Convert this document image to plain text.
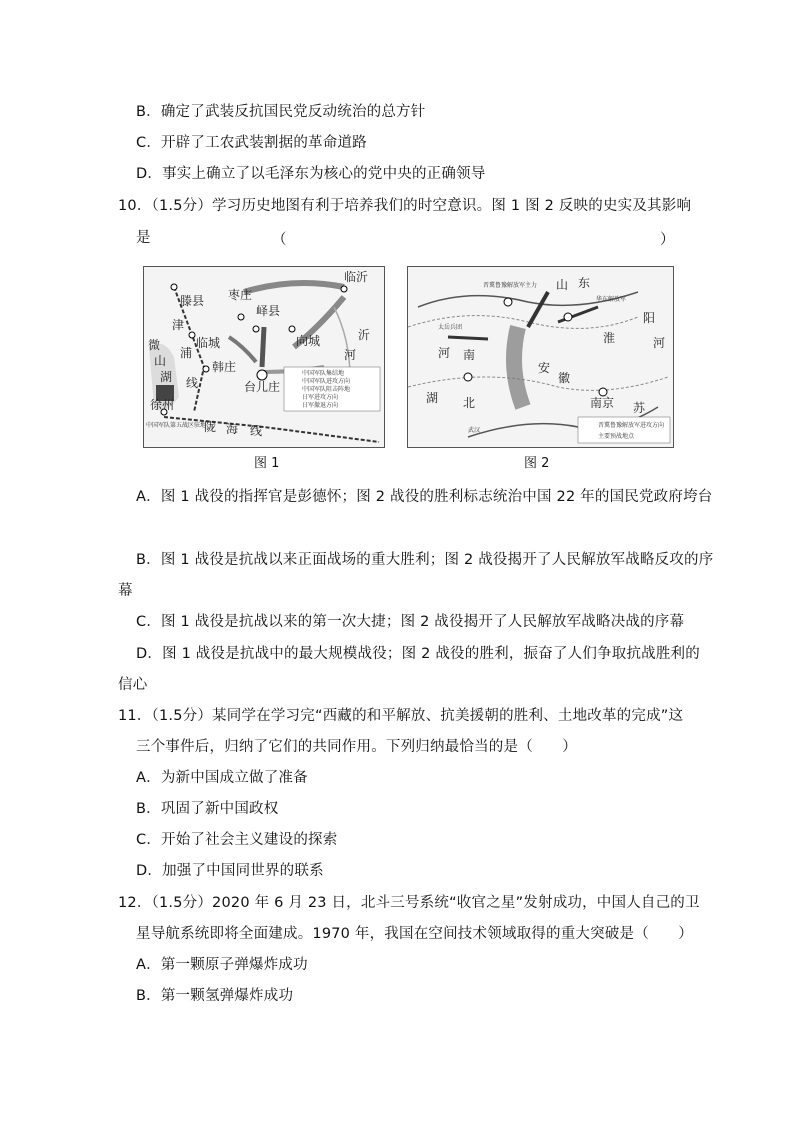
B．确定了武装反抗国民党反动统治的总方针
C．开辟了工农武装割据的革命道路
D．事实上确立了以毛泽东为核心的党中央的正确领导
10．（1.5分）学习历史地图有利于培养我们的时空意识。图 1 图 2 反映的史实及其影响
是	（	）
滕县 枣庄
临沂
临城
峄县
向城
韩庄
台儿庄
徐州
津
浦
线
微
山
湖
沂
河
陇 海 线
中国军队第五战区驻地
中国军队集结地
中国军队进攻方向
中国军队阻击阵地
日军进攻方向
日军撤退方向
图 1
晋冀鲁豫解放军主力
太岳兵团
山 东
华东解放军
湖 北
武汉
河 南
安
徽
南京 苏
淮
阳
河
晋冀鲁豫解放军进攻方向
主要预战地点
图 2
A．图 1 战役的指挥官是彭德怀；图 2 战役的胜利标志统治中国 22 年的国民党政府垮台
B．图 1 战役是抗战以来正面战场的重大胜利；图 2 战役揭开了人民解放军战略反攻的序
幕
C．图 1 战役是抗战以来的第一次大捷；图 2 战役揭开了人民解放军战略决战的序幕
D．图 1 战役是抗战中的最大规模战役；图 2 战役的胜利，振奋了人们争取抗战胜利的
信心
11．（1.5分）某同学在学习完“西藏的和平解放、抗美援朝的胜利、土地改革的完成”这
三个事件后，归纳了它们的共同作用。下列归纳最恰当的是（　　）
A．为新中国成立做了准备
B．巩固了新中国政权
C．开始了社会主义建设的探索
D．加强了中国同世界的联系
12．（1.5分）2020 年 6 月 23 日，北斗三号系统“收官之星”发射成功，中国人自己的卫
星导航系统即将全面建成。1970 年，我国在空间技术领域取得的重大突破是（　　）
A．第一颗原子弹爆炸成功
B．第一颗氢弹爆炸成功
